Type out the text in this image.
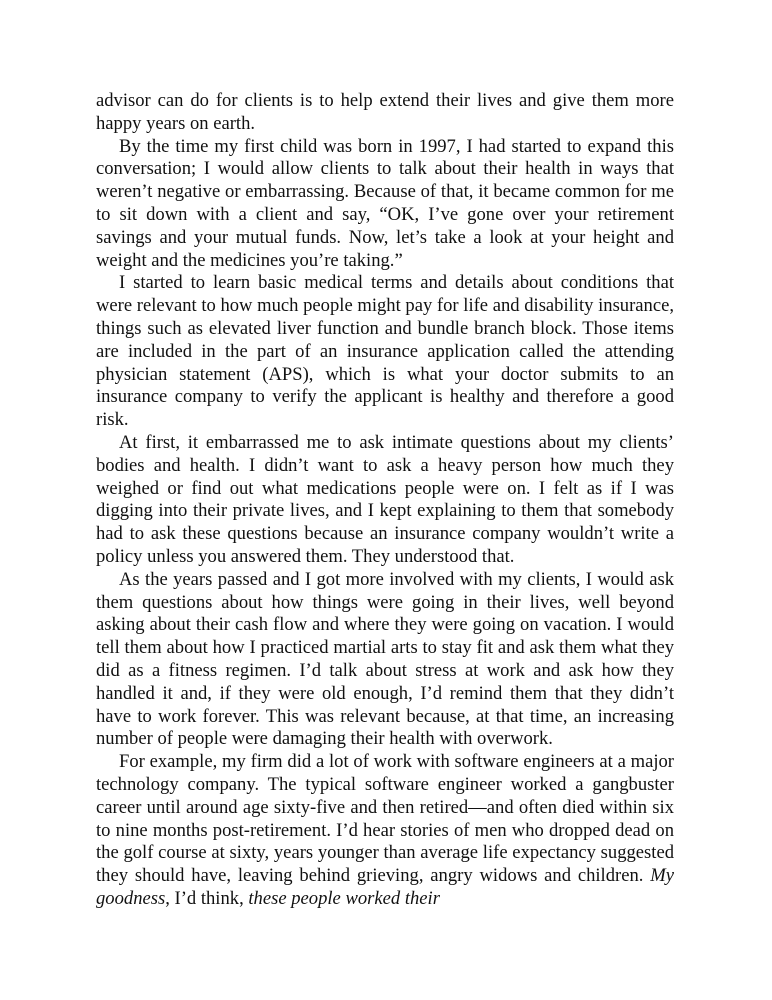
advisor can do for clients is to help extend their lives and give them more happy years on earth.

By the time my first child was born in 1997, I had started to expand this conversation; I would allow clients to talk about their health in ways that weren’t negative or embarrassing. Because of that, it became common for me to sit down with a client and say, “OK, I’ve gone over your retirement savings and your mutual funds. Now, let’s take a look at your height and weight and the medicines you’re taking.”

I started to learn basic medical terms and details about conditions that were relevant to how much people might pay for life and disability insurance, things such as elevated liver function and bundle branch block. Those items are included in the part of an insurance application called the attending physician statement (APS), which is what your doctor submits to an insurance company to verify the applicant is healthy and therefore a good risk.

At first, it embarrassed me to ask intimate questions about my clients’ bodies and health. I didn’t want to ask a heavy person how much they weighed or find out what medications people were on. I felt as if I was digging into their private lives, and I kept explaining to them that somebody had to ask these questions because an insurance company wouldn’t write a policy unless you answered them. They understood that.

As the years passed and I got more involved with my clients, I would ask them questions about how things were going in their lives, well beyond asking about their cash flow and where they were going on vacation. I would tell them about how I practiced martial arts to stay fit and ask them what they did as a fitness regimen. I’d talk about stress at work and ask how they handled it and, if they were old enough, I’d remind them that they didn’t have to work forever. This was relevant because, at that time, an increasing number of people were damaging their health with overwork.

For example, my firm did a lot of work with software engineers at a major technology company. The typical software engineer worked a gangbuster career until around age sixty-five and then retired—and often died within six to nine months post-retirement. I’d hear stories of men who dropped dead on the golf course at sixty, years younger than average life expectancy suggested they should have, leaving behind grieving, angry widows and children. My goodness, I’d think, these people worked their
